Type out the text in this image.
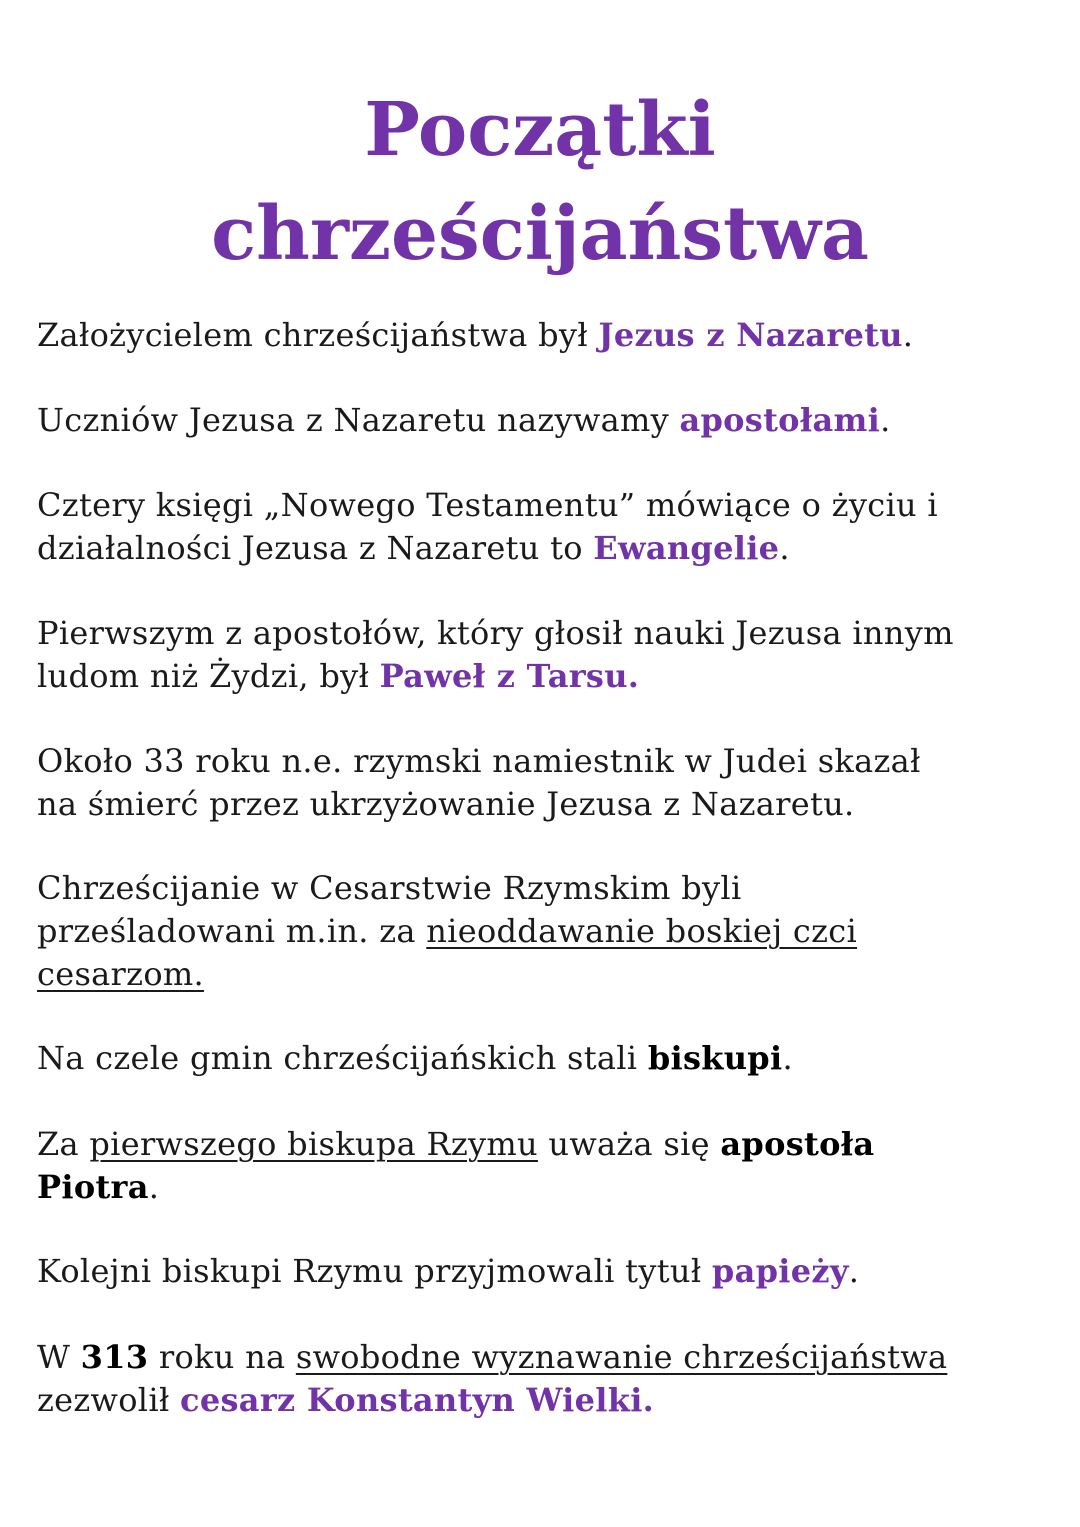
Początki
chrześcijaństwa

Założycielem chrześcijaństwa był Jezus z Nazaretu.

Uczniów Jezusa z Nazaretu nazywamy apostołami.

Cztery księgi „Nowego Testamentu” mówiące o życiu i
działalności Jezusa z Nazaretu to Ewangelie.

Pierwszym z apostołów, który głosił nauki Jezusa innym
ludom niż Żydzi, był Paweł z Tarsu.

Około 33 roku n.e. rzymski namiestnik w Judei skazał
na śmierć przez ukrzyżowanie Jezusa z Nazaretu.

Chrześcijanie w Cesarstwie Rzymskim byli
prześladowani m.in. za nieoddawanie boskiej czci
cesarzom.

Na czele gmin chrześcijańskich stali biskupi.

Za pierwszego biskupa Rzymu uważa się apostoła
Piotra.

Kolejni biskupi Rzymu przyjmowali tytuł papieży.

W 313 roku na swobodne wyznawanie chrześcijaństwa
zezwolił cesarz Konstantyn Wielki.
